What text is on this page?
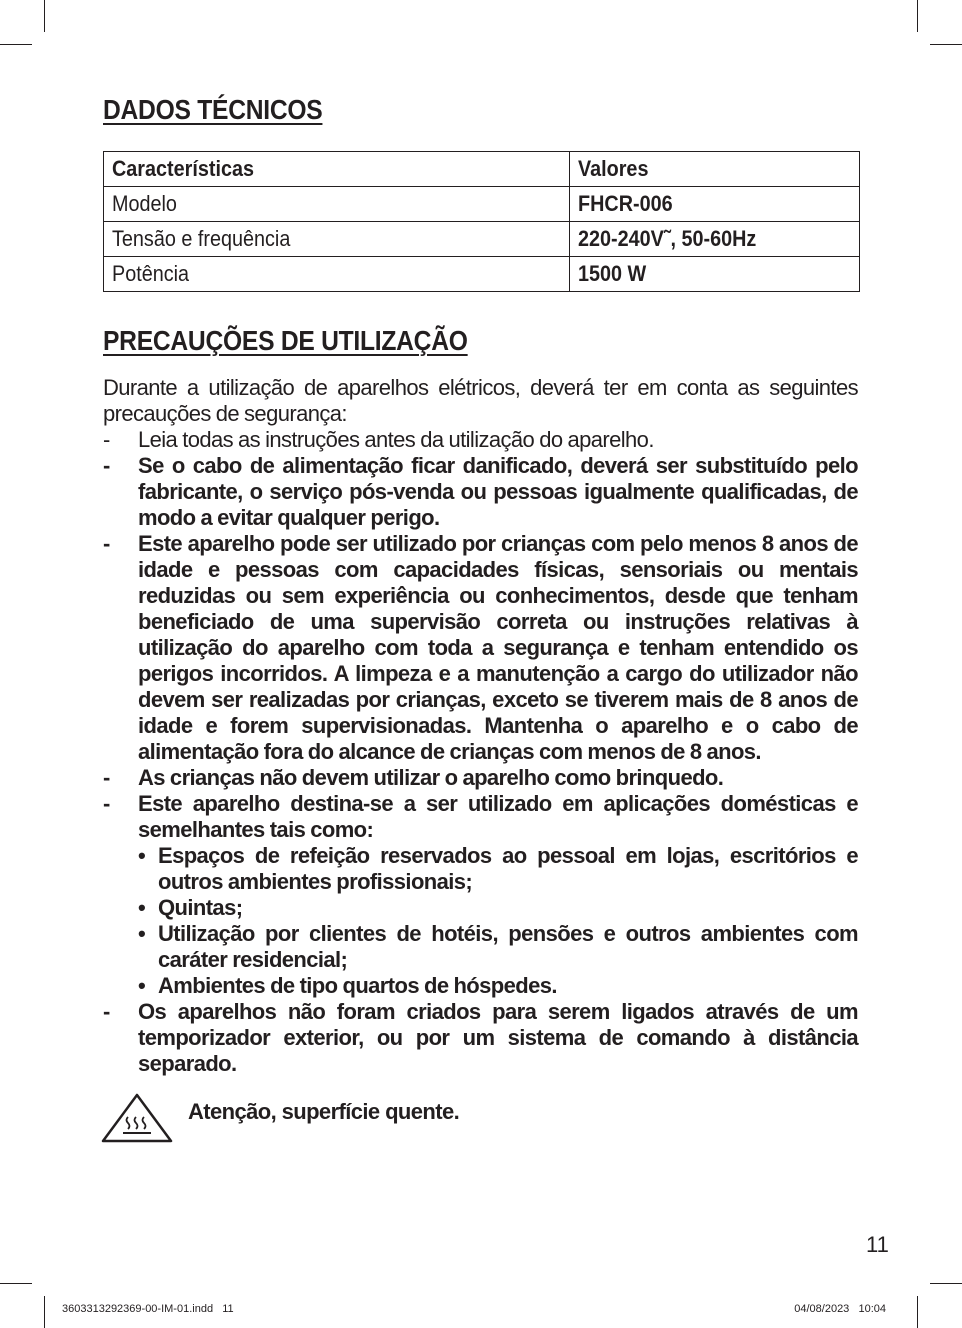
DADOS TÉCNICOS
Características	Valores
Modelo	FHCR-006
Tensão e frequência	220-240V˜, 50-60Hz
Potência	1500 W
PRECAUÇÕES DE UTILIZAÇÃO

Durante a utilização de aparelhos elétricos, deverá ter em conta as seguintes precauções de segurança:

- Leia todas as instruções antes da utilização do aparelho.
- Se o cabo de alimentação ficar danificado, deverá ser substituído pelo fabricante, o serviço pós-venda ou pessoas igualmente qualificadas, de modo a evitar qualquer perigo.
- Este aparelho pode ser utilizado por crianças com pelo menos 8 anos de idade e pessoas com capacidades físicas, sensoriais ou mentais reduzidas ou sem experiência ou conhecimentos, desde que tenham beneficiado de uma supervisão correta ou instruções relativas à utilização do aparelho com toda a segurança e tenham entendido os perigos incorridos. A limpeza e a manutenção a cargo do utilizador não devem ser realizadas por crianças, exceto se tiverem mais de 8 anos de idade e forem supervisionadas. Mantenha o aparelho e o cabo de alimentação fora do alcance de crianças com menos de 8 anos.
- As crianças não devem utilizar o aparelho como brinquedo.
- Este aparelho destina-se a ser utilizado em aplicações domésticas e semelhantes tais como:
• Espaços de refeição reservados ao pessoal em lojas, escritórios e outros ambientes profissionais;
• Quintas;
• Utilização por clientes de hotéis, pensões e outros ambientes com caráter residencial;
• Ambientes de tipo quartos de hóspedes.
- Os aparelhos não foram criados para serem ligados através de um temporizador exterior, ou por um sistema de comando à distância separado.
Atenção, superfície quente.
11
3603313292369-00-IM-01.indd   11	04/08/2023   10:04
